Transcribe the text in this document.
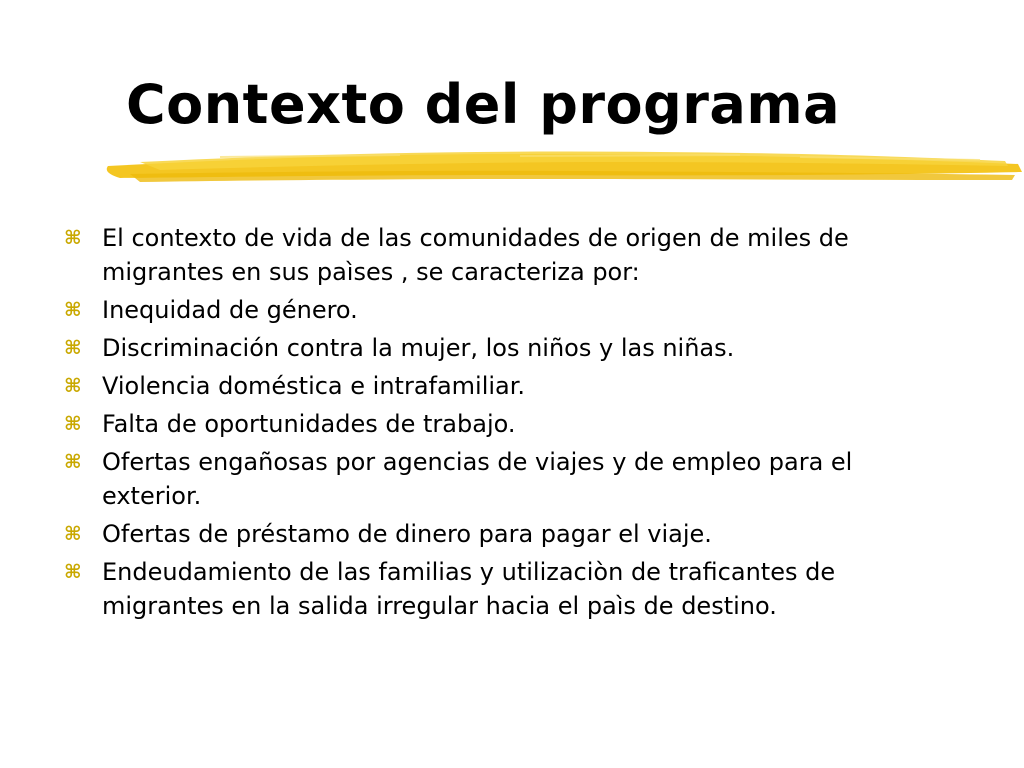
Contexto del programa
⌘ El contexto de vida de las comunidades de origen de miles de
migrantes en sus paìses , se caracteriza por:
⌘ Inequidad de género.
⌘ Discriminación contra la mujer, los niños y las niñas.
⌘ Violencia doméstica e intrafamiliar.
⌘ Falta de oportunidades de trabajo.
⌘ Ofertas engañosas por agencias de viajes y de empleo para el
exterior.
⌘ Ofertas de préstamo de dinero para pagar el viaje.
⌘ Endeudamiento de las familias y utilizaciòn de traficantes de
migrantes en la salida irregular hacia el paìs de destino.
